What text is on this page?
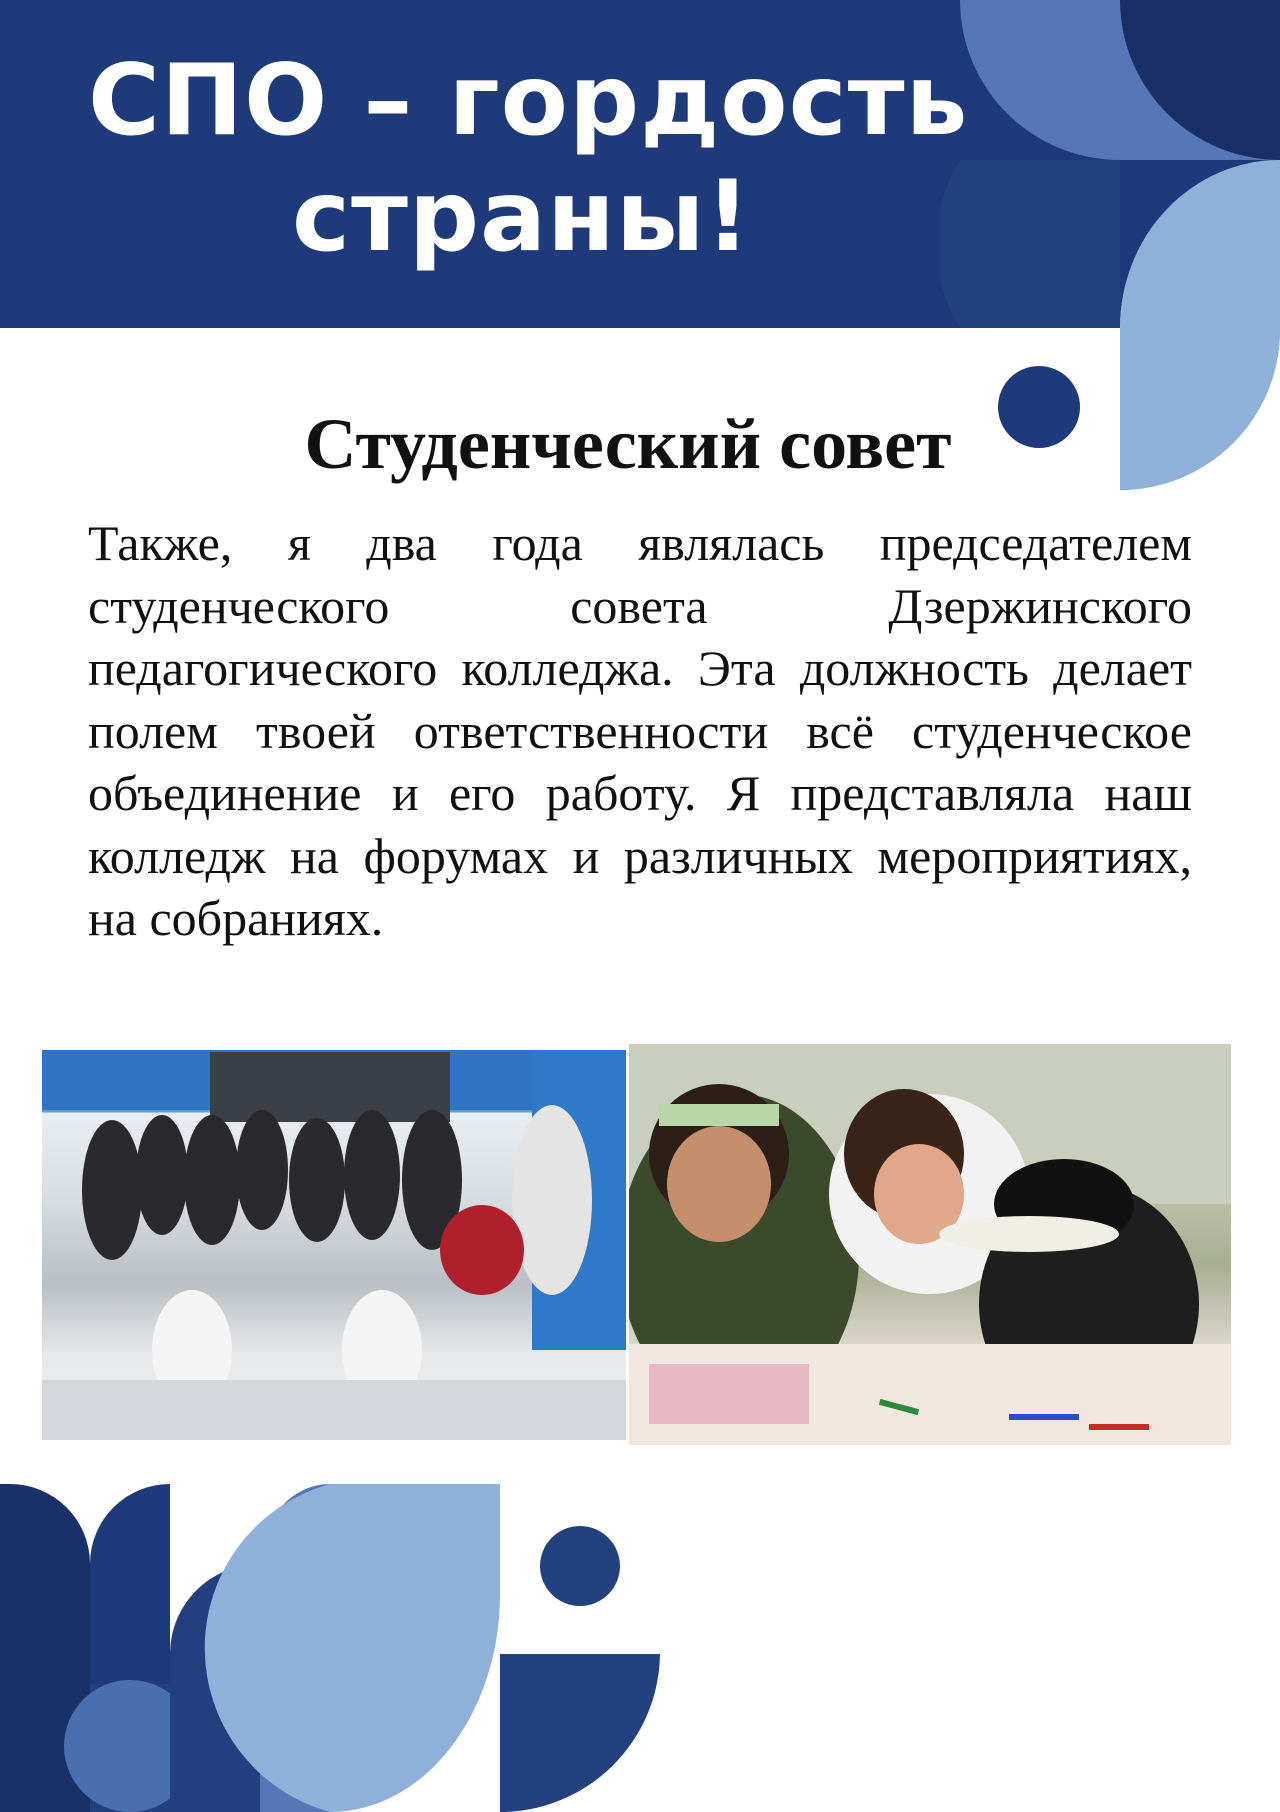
СПО – гордость
страны!
Студенческий совет
Также, я два года являлась председателем студенческого совета Дзержинского педагогического колледжа. Эта должность делает полем твоей ответственности всё студенческое объединение и его работу. Я представляла наш колледж на форумах и различных мероприятиях, на собраниях.
